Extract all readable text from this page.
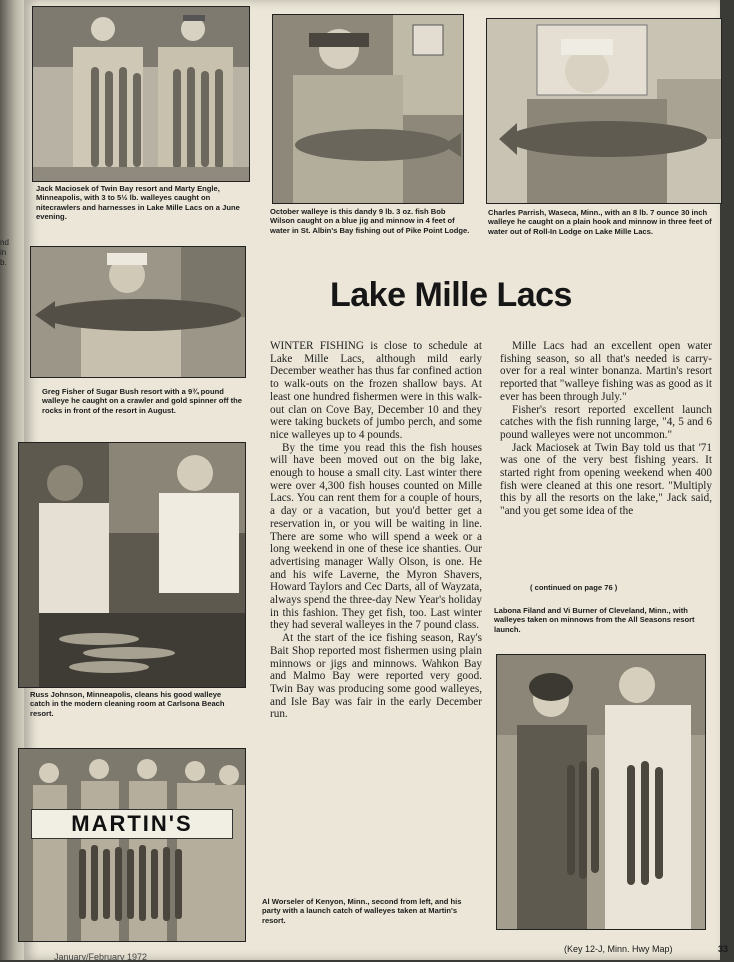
nd
in
b.

Jack Maciosek of Twin Bay resort and Marty Engle, Minneapolis, with 3 to 5½ lb. walleyes caught on nitecrawlers and harnesses in Lake Mille Lacs on a June evening.

October walleye is this dandy 9 lb. 3 oz. fish Bob Wilson caught on a blue jig and minnow in 4 feet of water in St. Albin's Bay fishing out of Pike Point Lodge.

Charles Parrish, Waseca, Minn., with an 8 lb. 7 ounce 30 inch walleye he caught on a plain hook and minnow in three feet of water out of Roll-In Lodge on Lake Mille Lacs.

Greg Fisher of Sugar Bush resort with a 9¾ pound walleye he caught on a crawler and gold spinner off the rocks in front of the resort in August.

Russ Johnson, Minneapolis, cleans his good walleye catch in the modern cleaning room at Carlsona Beach resort.

MARTIN'S

Al Worseler of Kenyon, Minn., second from left, and his party with a launch catch of walleyes taken at Martin's resort.

Lake Mille Lacs

WINTER FISHING is close to schedule at Lake Mille Lacs, although mild early December weather has thus far confined action to walk-outs on the frozen shallow bays. At least one hundred fishermen were in this walk-out clan on Cove Bay, December 10 and they were taking buckets of jumbo perch, and some nice walleyes up to 4 pounds.

By the time you read this the fish houses will have been moved out on the big lake, enough to house a small city. Last winter there were over 4,300 fish houses counted on Mille Lacs. You can rent them for a couple of hours, a day or a vacation, but you'd better get a reservation in, or you will be waiting in line. There are some who will spend a week or a long weekend in one of these ice shanties. Our advertising manager Wally Olson, is one. He and his wife Laverne, the Myron Shavers, Howard Taylors and Cec Darts, all of Wayzata, always spend the three-day New Year's holiday in this fashion. They get fish, too. Last winter they had several walleyes in the 7 pound class.

At the start of the ice fishing season, Ray's Bait Shop reported most fishermen using plain minnows or jigs and minnows. Wahkon Bay and Malmo Bay were reported very good. Twin Bay was producing some good walleyes, and Isle Bay was fair in the early December run.

Mille Lacs had an excellent open water fishing season, so all that's needed is carry-over for a real winter bonanza. Martin's resort reported that "walleye fishing was as good as it ever has been through July."

Fisher's resort reported excellent launch catches with the fish running large, "4, 5 and 6 pound walleyes were not uncommon."

Jack Maciosek at Twin Bay told us that '71 was one of the very best fishing years. It started right from opening weekend when 400 fish were cleaned at this one resort. "Multiply this by all the resorts on the lake," Jack said, "and you get some idea of the

( continued on page 76 )

Labona Filand and Vi Burner of Cleveland, Minn., with walleyes taken on minnows from the All Seasons resort launch.

January/February 1972
(Key 12-J, Minn. Hwy Map)	33
